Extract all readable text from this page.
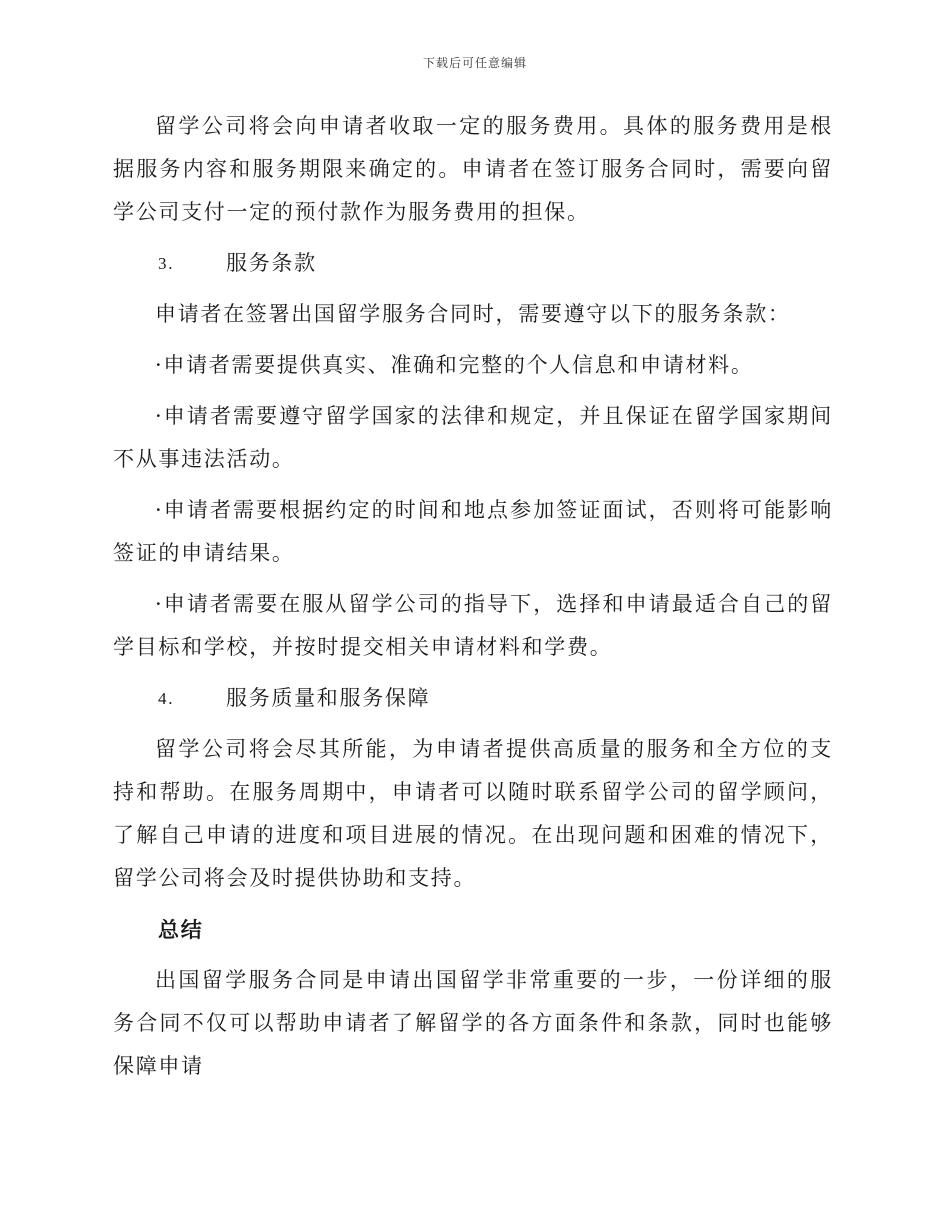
下载后可任意编辑

留学公司将会向申请者收取一定的服务费用。具体的服务费用是根据服务内容和服务期限来确定的。申请者在签订服务合同时，需要向留学公司支付一定的预付款作为服务费用的担保。

3.	服务条款

申请者在签署出国留学服务合同时，需要遵守以下的服务条款：

·申请者需要提供真实、准确和完整的个人信息和申请材料。

·申请者需要遵守留学国家的法律和规定，并且保证在留学国家期间不从事违法活动。

·申请者需要根据约定的时间和地点参加签证面试，否则将可能影响签证的申请结果。

·申请者需要在服从留学公司的指导下，选择和申请最适合自己的留学目标和学校，并按时提交相关申请材料和学费。

4.	服务质量和服务保障

留学公司将会尽其所能，为申请者提供高质量的服务和全方位的支持和帮助。在服务周期中，申请者可以随时联系留学公司的留学顾问，了解自己申请的进度和项目进展的情况。在出现问题和困难的情况下，留学公司将会及时提供协助和支持。

总结

出国留学服务合同是申请出国留学非常重要的一步，一份详细的服务合同不仅可以帮助申请者了解留学的各方面条件和条款，同时也能够保障申请
